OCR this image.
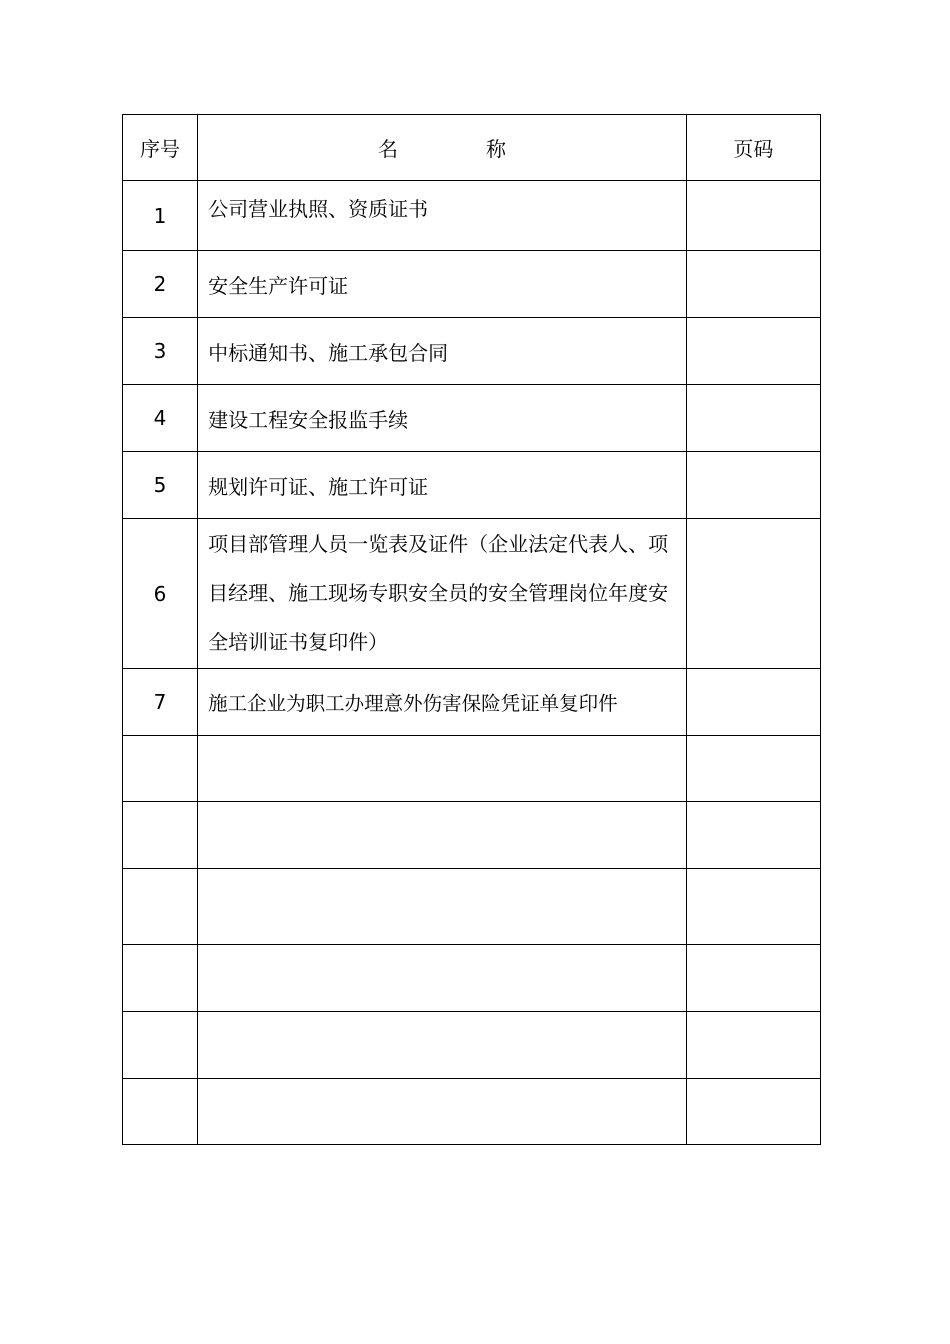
序号	名 称	页码
1	公司营业执照、资质证书	
2	安全生产许可证	
3	中标通知书、施工承包合同	
4	建设工程安全报监手续	
5	规划许可证、施工许可证	
6	项目部管理人员一览表及证件（企业法定代表人、项目经理、施工现场专职安全员的安全管理岗位年度安全培训证书复印件）	
7	施工企业为职工办理意外伤害保险凭证单复印件	
